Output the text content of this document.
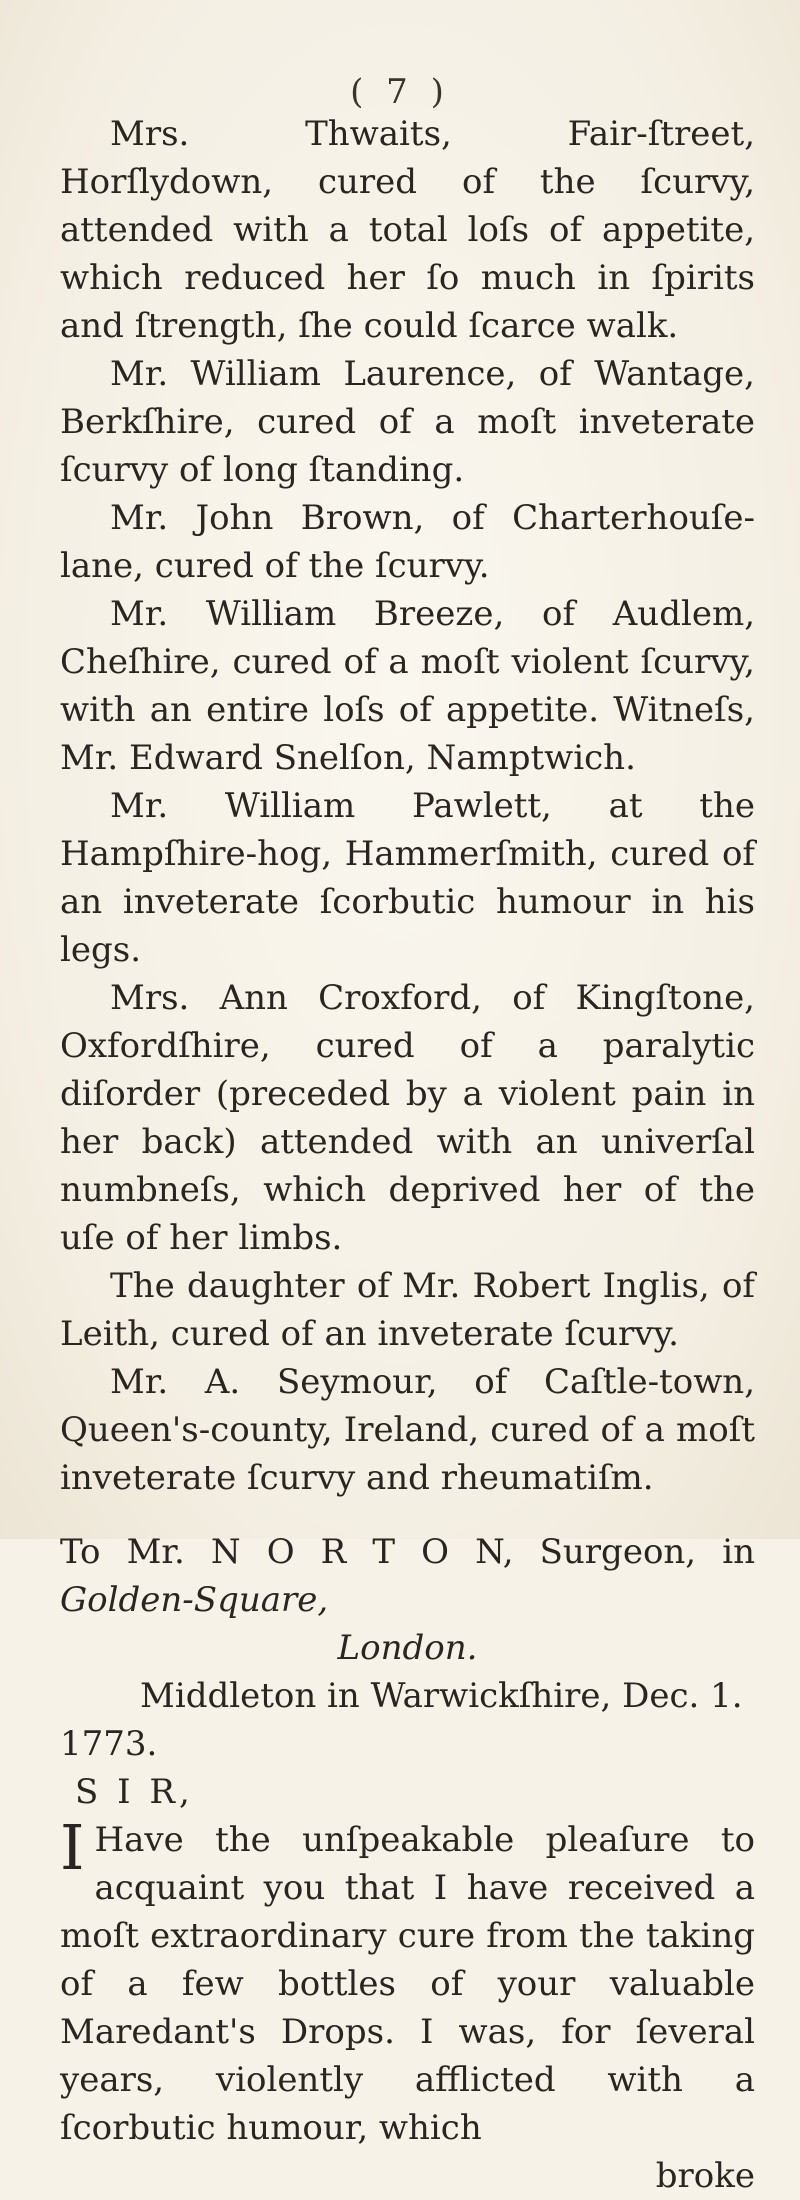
( 7 )

Mrs. Thwaits, Fair-ſtreet, Horſlydown, cured of the ſcurvy, attended with a total loſs of appetite, which reduced her ſo much in ſpirits and ſtrength, ſhe could ſcarce walk.

Mr. William Laurence, of Wantage, Berkſhire, cured of a moſt inveterate ſcurvy of long ſtanding.

Mr. John Brown, of Charterhouſe-lane, cured of the ſcurvy.

Mr. William Breeze, of Audlem, Cheſhire, cured of a moſt violent ſcurvy, with an entire loſs of appetite. Witneſs, Mr. Edward Snelſon, Namptwich.

Mr. William Pawlett, at the Hampſhire-hog, Hammerſmith, cured of an inveterate ſcorbutic humour in his legs.

Mrs. Ann Croxford, of Kingſtone, Oxfordſhire, cured of a paralytic diſorder (preceded by a violent pain in her back) attended with an univerſal numbneſs, which deprived her of the uſe of her limbs.

The daughter of Mr. Robert Inglis, of Leith, cured of an inveterate ſcurvy.

Mr. A. Seymour, of Caſtle-town, Queen's-county, Ireland, cured of a moſt inveterate ſcurvy and rheumatiſm.

To Mr. N O R T O N, Surgeon, in Golden-Square,

London.

Middleton in Warwickſhire, Dec. 1. 1773.

S I R,

I Have the unſpeakable pleaſure to acquaint you that I have received a moſt extraordinary cure from the taking of a few bottles of your valuable Maredant's Drops. I was, for ſeveral years, violently afflicted with a ſcorbutic humour, which
broke
